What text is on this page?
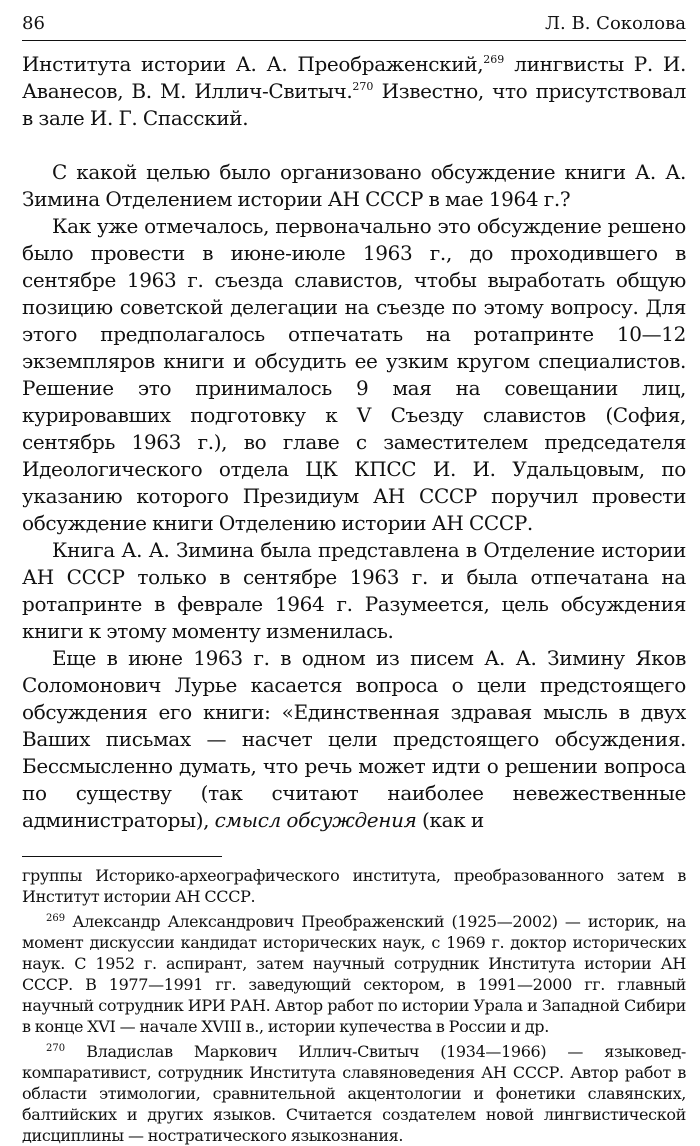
86	Л. В. Соколова

Института истории А. А. Преображенский,$^{269}$ лингвисты Р. И. Аванесов, В. М. Иллич-Свитыч.$^{270}$ Известно, что присутствовал в зале И. Г. Спасский.

С какой целью было организовано обсуждение книги А. А. Зимина Отделением истории АН СССР в мае 1964 г.?

Как уже отмечалось, первоначально это обсуждение решено было провести в июне-июле 1963 г., до проходившего в сентябре 1963 г. съезда славистов, чтобы выработать общую позицию советской делегации на съезде по этому вопросу. Для этого предполагалось отпечатать на ротапринте 10—12 экземпляров книги и обсудить ее узким кругом специалистов. Решение это принималось 9 мая на совещании лиц, курировавших подготовку к V Съезду славистов (София, сентябрь 1963 г.), во главе с заместителем председателя Идеологического отдела ЦК КПСС И. И. Удальцовым, по указанию которого Президиум АН СССР поручил провести обсуждение книги Отделению истории АН СССР.

Книга А. А. Зимина была представлена в Отделение истории АН СССР только в сентябре 1963 г. и была отпечатана на ротапринте в феврале 1964 г. Разумеется, цель обсуждения книги к этому моменту изменилась.

Еще в июне 1963 г. в одном из писем А. А. Зимину Яков Соломонович Лурье касается вопроса о цели предстоящего обсуждения его книги: «Единственная здравая мысль в двух Ваших письмах — насчет цели предстоящего обсуждения. Бессмысленно думать, что речь может идти о решении вопроса по существу (так считают наиболее невежественные администраторы), смысл обсуждения (как и

группы Историко-археографического института, преобразованного затем в Институт истории АН СССР.

$^{269}$ Александр Александрович Преображенский (1925—2002) — историк, на момент дискуссии кандидат исторических наук, с 1969 г. доктор исторических наук. С 1952 г. аспирант, затем научный сотрудник Института истории АН СССР. В 1977—1991 гг. заведующий сектором, в 1991—2000 гг. главный научный сотрудник ИРИ РАН. Автор работ по истории Урала и Западной Сибири в конце XVI — начале XVIII в., истории купечества в России и др.

$^{270}$ Владислав Маркович Иллич-Свитыч (1934—1966) — языковед-компаративист, сотрудник Института славяноведения АН СССР. Автор работ в области этимологии, сравнительной акцентологии и фонетики славянских, балтийских и других языков. Считается создателем новой лингвистической дисциплины — ностратического языкознания.
